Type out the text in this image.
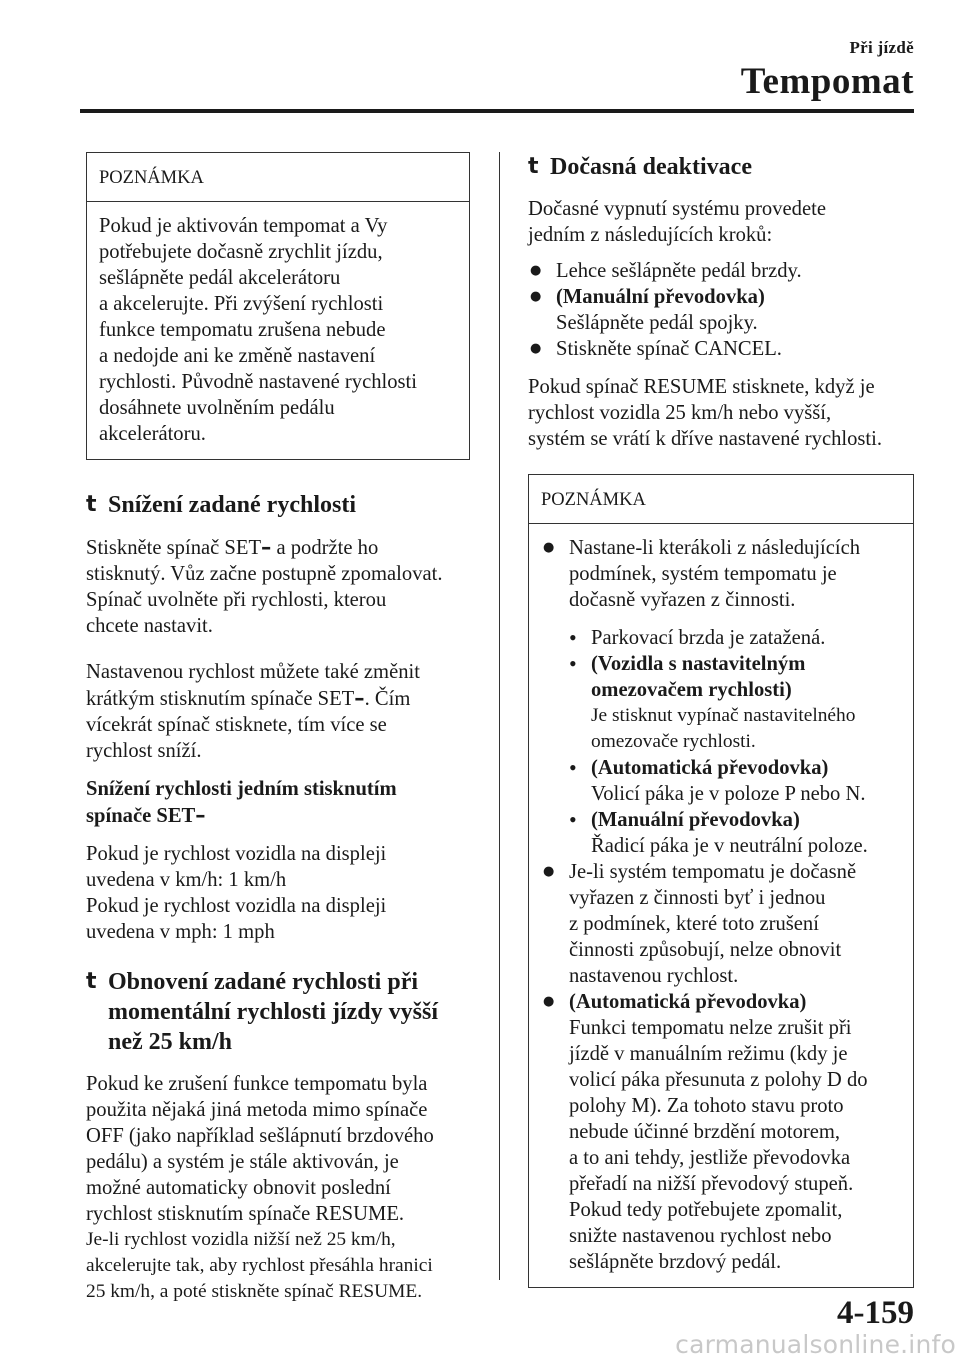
Při jízdě
Tempomat
POZNÁMKA
Pokud je aktivován tempomat a Vy
potřebujete dočasně zrychlit jízdu,
sešlápněte pedál akcelerátoru
a akcelerujte. Při zvýšení rychlosti
funkce tempomatu zrušena nebude
a nedojde ani ke změně nastavení
rychlosti. Původně nastavené rychlosti
dosáhnete uvolněním pedálu
akcelerátoru.
t Snížení zadané rychlosti
Stiskněte spínač SET– a podržte ho
stisknutý. Vůz začne postupně zpomalovat.
Spínač uvolněte při rychlosti, kterou
chcete nastavit.
Nastavenou rychlost můžete také změnit
krátkým stisknutím spínače SET–. Čím
vícekrát spínač stisknete, tím více se
rychlost sníží.
Snížení rychlosti jedním stisknutím
spínače SET–
Pokud je rychlost vozidla na displeji
uvedena v km/h: 1 km/h
Pokud je rychlost vozidla na displeji
uvedena v mph: 1 mph
t Obnovení zadané rychlosti při
momentální rychlosti jízdy vyšší
než 25 km/h
Pokud ke zrušení funkce tempomatu byla
použita nějaká jiná metoda mimo spínače
OFF (jako například sešlápnutí brzdového
pedálu) a systém je stále aktivován, je
možné automaticky obnovit poslední
rychlost stisknutím spínače RESUME.
Je-li rychlost vozidla nižší než 25 km/h,
akcelerujte tak, aby rychlost přesáhla hranici
25 km/h, a poté stiskněte spínač RESUME.
t Dočasná deaktivace
Dočasné vypnutí systému provedete
jedním z následujících kroků:
● Lehce sešlápněte pedál brzdy.
● (Manuální převodovka)
Sešlápněte pedál spojky.
● Stiskněte spínač CANCEL.
Pokud spínač RESUME stisknete, když je
rychlost vozidla 25 km/h nebo vyšší,
systém se vrátí k dříve nastavené rychlosti.
POZNÁMKA
● Nastane-li kterákoli z následujících
podmínek, systém tempomatu je
dočasně vyřazen z činnosti.
• Parkovací brzda je zatažená.
• (Vozidla s nastavitelným
omezovačem rychlosti)
Je stisknut vypínač nastavitelného
omezovače rychlosti.
• (Automatická převodovka)
Volicí páka je v poloze P nebo N.
• (Manuální převodovka)
Řadicí páka je v neutrální poloze.
● Je-li systém tempomatu je dočasně
vyřazen z činnosti byť i jednou
z podmínek, které toto zrušení
činnosti způsobují, nelze obnovit
nastavenou rychlost.
● (Automatická převodovka)
Funkci tempomatu nelze zrušit při
jízdě v manuálním režimu (kdy je
volicí páka přesunuta z polohy D do
polohy M). Za tohoto stavu proto
nebude účinné brzdění motorem,
a to ani tehdy, jestliže převodovka
přeřadí na nižší převodový stupeň.
Pokud tedy potřebujete zpomalit,
snižte nastavenou rychlost nebo
sešlápněte brzdový pedál.
4-159
carmanualsonline.info
